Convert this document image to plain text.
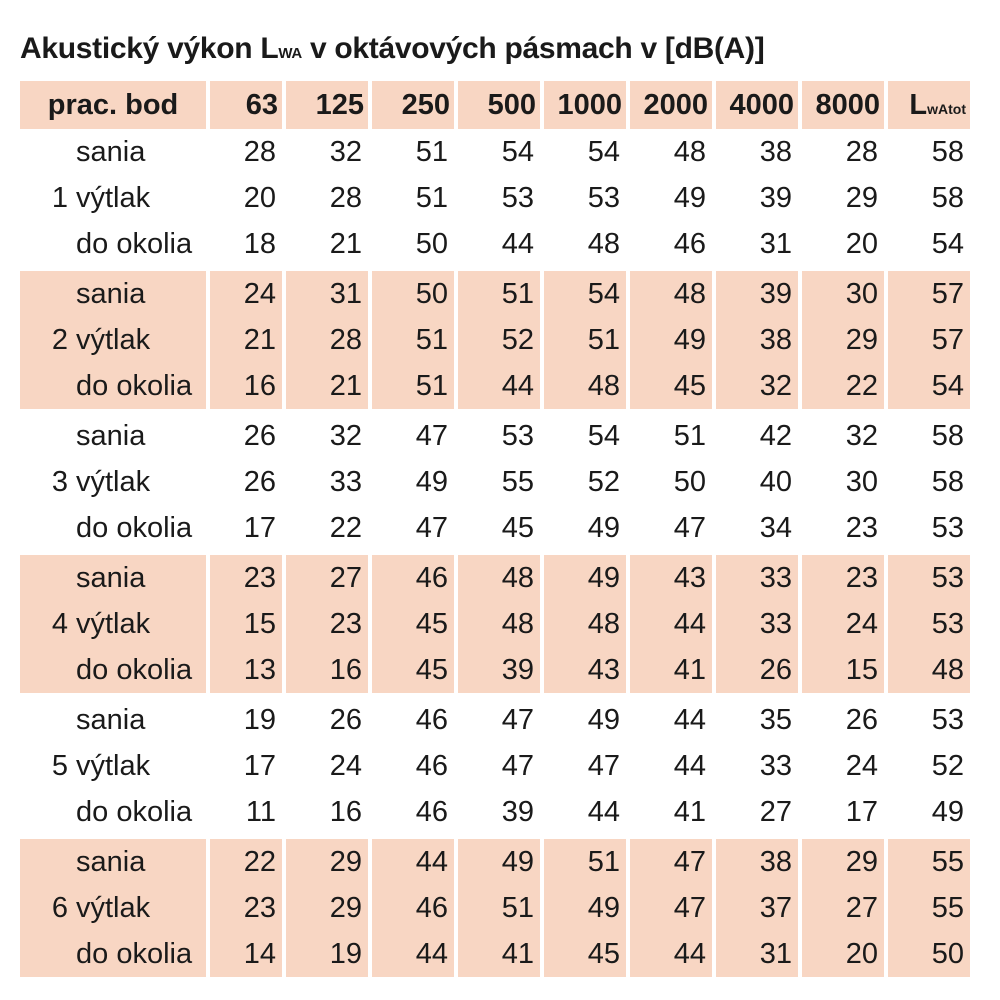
Akustický výkon LWA v oktávových pásmach v [dB(A)]
prac. bod		63	125	250	500	1000	2000	4000	8000	LwAtot
	sania	28	32	51	54	54	48	38	28	58
1	výtlak	20	28	51	53	53	49	39	29	58
	do okolia	18	21	50	44	48	46	31	20	54
	sania	24	31	50	51	54	48	39	30	57
2	výtlak	21	28	51	52	51	49	38	29	57
	do okolia	16	21	51	44	48	45	32	22	54
	sania	26	32	47	53	54	51	42	32	58
3	výtlak	26	33	49	55	52	50	40	30	58
	do okolia	17	22	47	45	49	47	34	23	53
	sania	23	27	46	48	49	43	33	23	53
4	výtlak	15	23	45	48	48	44	33	24	53
	do okolia	13	16	45	39	43	41	26	15	48
	sania	19	26	46	47	49	44	35	26	53
5	výtlak	17	24	46	47	47	44	33	24	52
	do okolia	11	16	46	39	44	41	27	17	49
	sania	22	29	44	49	51	47	38	29	55
6	výtlak	23	29	46	51	49	47	37	27	55
	do okolia	14	19	44	41	45	44	31	20	50
